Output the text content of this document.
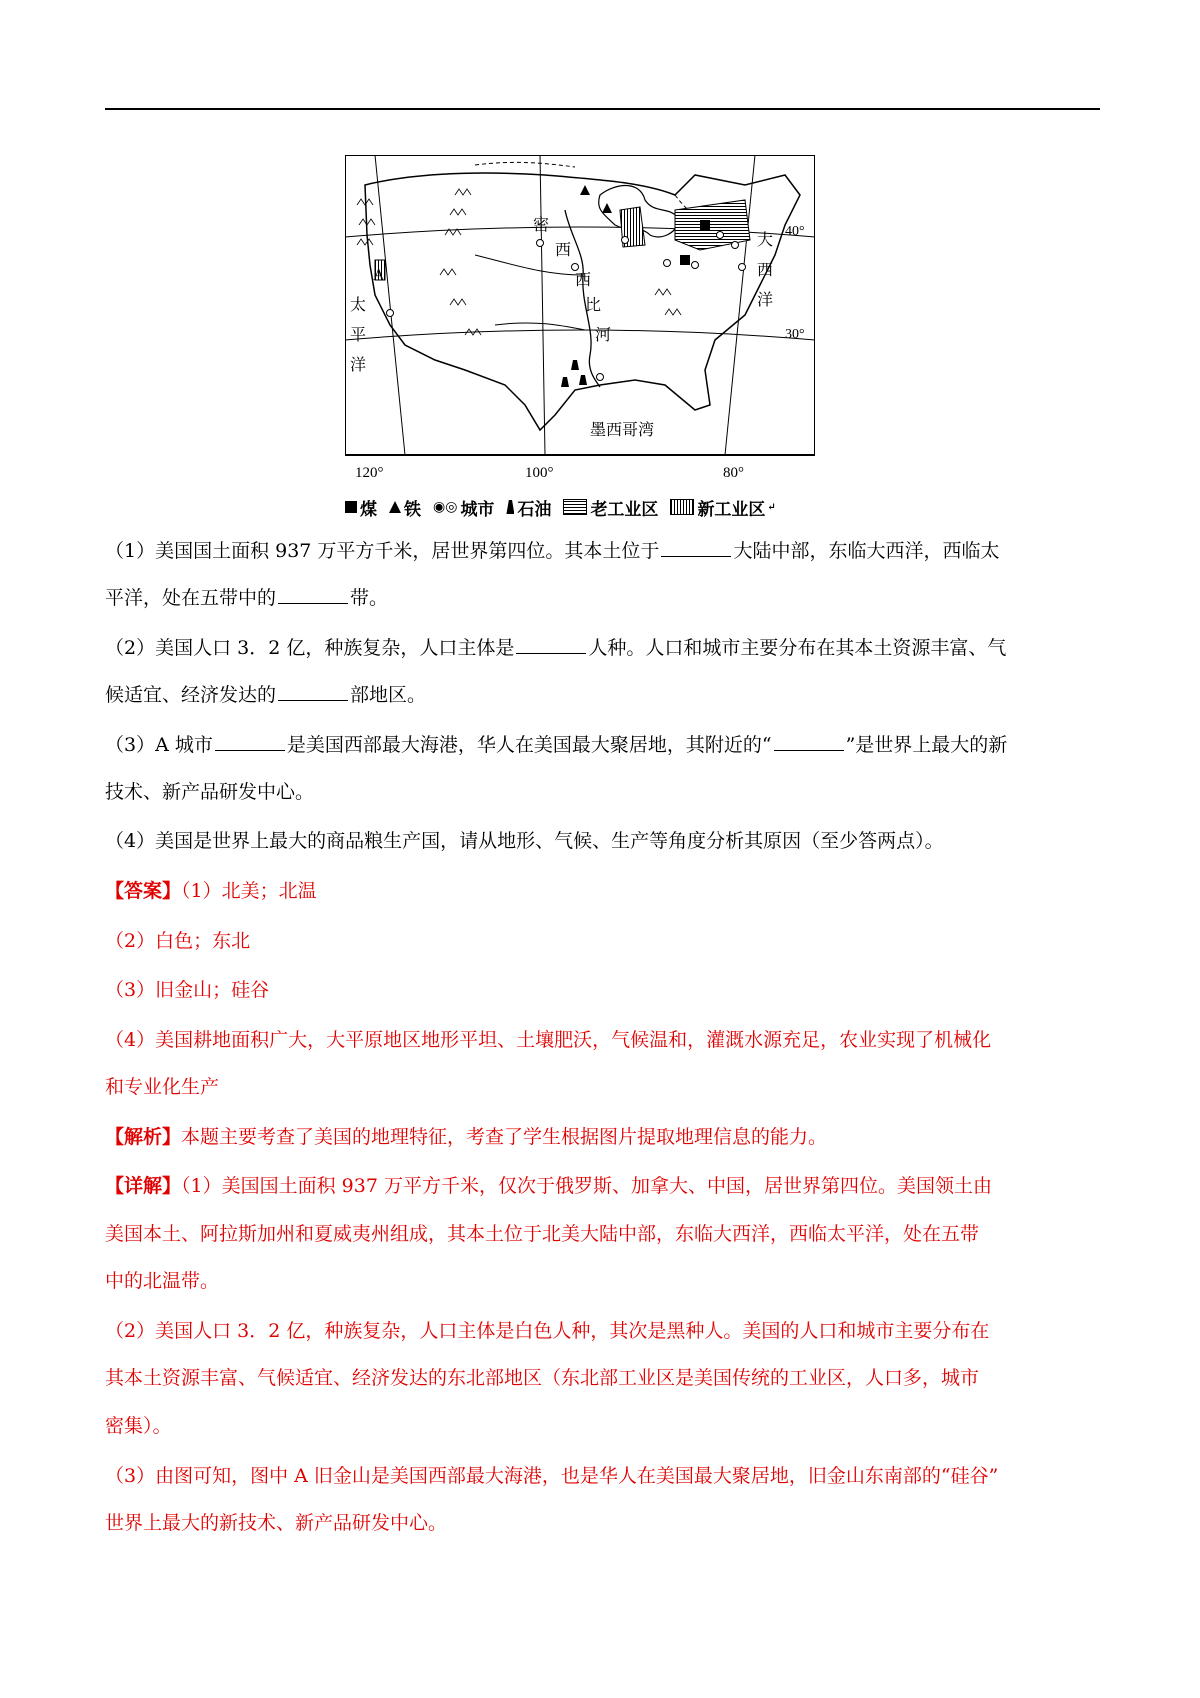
A
太
平
洋
大
西
洋
密
西
西
比
河
墨西哥湾
40°
30°
120°	100°	80°
煤 铁 ◉◎ 城市 石油 老工业区 新工业区 ↵
（1）美国国土面积 937 万平方千米，居世界第四位。其本土位于	大陆中部，东临大西洋，西临太
平洋，处在五带中的	带。
（2）美国人口 3．2 亿，种族复杂，人口主体是	人种。人口和城市主要分布在其本土资源丰富、气
候适宜、经济发达的	部地区。
（3）A 城市	是美国西部最大海港，华人在美国最大聚居地，其附近的“	”是世界上最大的新
技术、新产品研发中心。
（4）美国是世界上最大的商品粮生产国，请从地形、气候、生产等角度分析其原因（至少答两点）。
【答案】（1）北美；北温
（2）白色；东北
（3）旧金山；硅谷
（4）美国耕地面积广大，大平原地区地形平坦、土壤肥沃，气候温和，灌溉水源充足，农业实现了机械化
和专业化生产
【解析】本题主要考查了美国的地理特征，考查了学生根据图片提取地理信息的能力。
【详解】（1）美国国土面积 937 万平方千米，仅次于俄罗斯、加拿大、中国，居世界第四位。美国领土由
美国本土、阿拉斯加州和夏威夷州组成，其本土位于北美大陆中部，东临大西洋，西临太平洋，处在五带
中的北温带。
（2）美国人口 3．2 亿，种族复杂，人口主体是白色人种，其次是黑种人。美国的人口和城市主要分布在
其本土资源丰富、气候适宜、经济发达的东北部地区（东北部工业区是美国传统的工业区，人口多，城市
密集）。
（3）由图可知，图中 A 旧金山是美国西部最大海港，也是华人在美国最大聚居地，旧金山东南部的“硅谷”
世界上最大的新技术、新产品研发中心。
